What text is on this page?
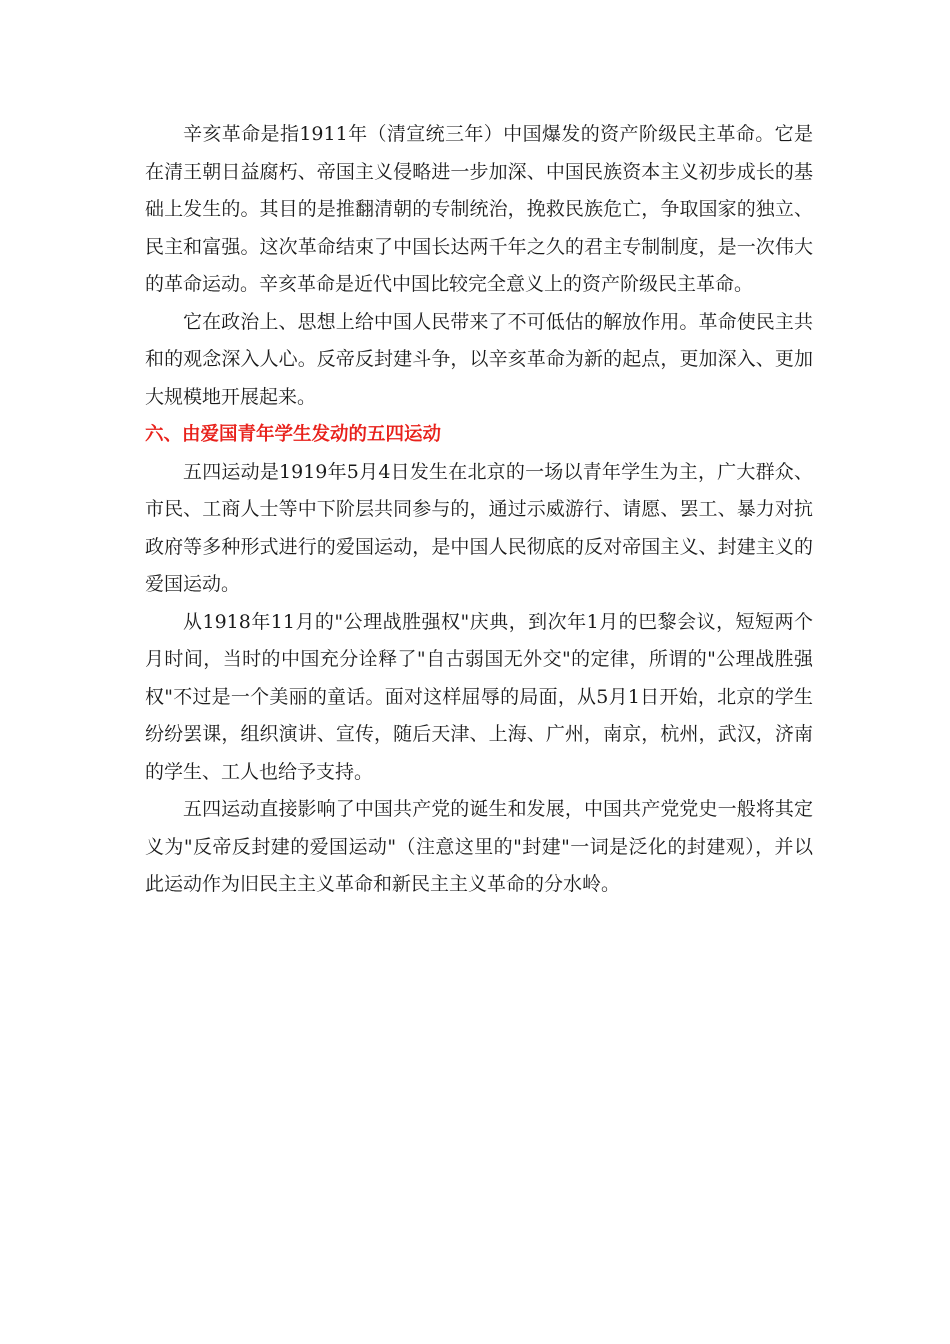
辛亥革命是指1911年（清宣统三年）中国爆发的资产阶级民主革命。它是在清王朝日益腐朽、帝国主义侵略进一步加深、中国民族资本主义初步成长的基础上发生的。其目的是推翻清朝的专制统治，挽救民族危亡，争取国家的独立、民主和富强。这次革命结束了中国长达两千年之久的君主专制制度，是一次伟大的革命运动。辛亥革命是近代中国比较完全意义上的资产阶级民主革命。

它在政治上、思想上给中国人民带来了不可低估的解放作用。革命使民主共和的观念深入人心。反帝反封建斗争，以辛亥革命为新的起点，更加深入、更加大规模地开展起来。

六、由爱国青年学生发动的五四运动

五四运动是1919年5月4日发生在北京的一场以青年学生为主，广大群众、市民、工商人士等中下阶层共同参与的，通过示威游行、请愿、罢工、暴力对抗政府等多种形式进行的爱国运动，是中国人民彻底的反对帝国主义、封建主义的爱国运动。

从1918年11月的"公理战胜强权"庆典，到次年1月的巴黎会议，短短两个月时间，当时的中国充分诠释了"自古弱国无外交"的定律，所谓的"公理战胜强权"不过是一个美丽的童话。面对这样屈辱的局面，从5月1日开始，北京的学生纷纷罢课，组织演讲、宣传，随后天津、上海、广州，南京，杭州，武汉，济南的学生、工人也给予支持。

五四运动直接影响了中国共产党的诞生和发展，中国共产党党史一般将其定义为"反帝反封建的爱国运动"（注意这里的"封建"一词是泛化的封建观），并以此运动作为旧民主主义革命和新民主主义革命的分水岭。
